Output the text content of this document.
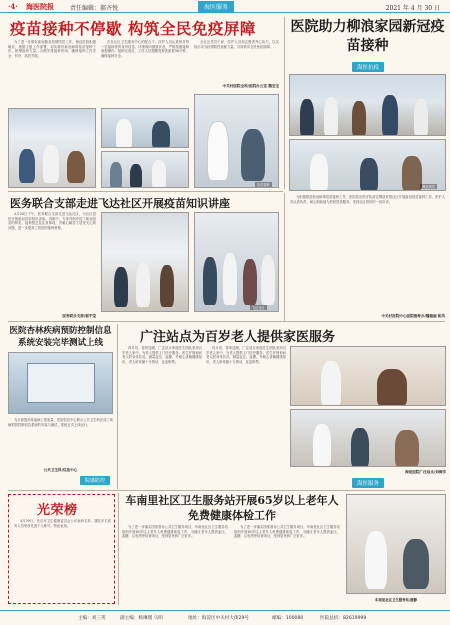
·4· 海医院报	责任编辑：郝齐悦	海医服务	2021 年 4 月 30 日
疫苗接种不停歇 构筑全民免疫屏障

为了进一步做好新冠肺炎疫情防控工作，海淀医院积极响应，根据上级工作部署，切实做好新冠病毒疫苗接种工作，统筹组织力量，合理安排接种时间，确保接种工作安全、有序、高效开展。

在各社区卫生服务中心的配合下，医护人员认真核对每一位接种者的身份信息，详细询问健康状况，严格按照接种流程操作。接种完成后，工作人员提醒受种者留观30分钟，确保接种安全。

全社区党员干部、医护人员和志愿者齐心协力，以实际行动为疫情防控贡献力量，共同筑牢全民免疫屏障。

中关村医院全科/医院办公室 魏宝宝
疫苗接种
医院助力柳浪家园新冠疫苗接种
海医抗疫
柳浪家园

为积极推进新冠病毒疫苗接种工作，医院派出医疗队前往柳浪家园社区开展新冠疫苗接种工作。医护人员认真负责，耐心细致地为居民提供服务，受到社区居民的一致好评。

中关村医院中心医院接种办/魏瑞丽 和风
医务联合支部走进飞达社区开展疫苗知识讲座

4月20日下午，医务联合支部走进飞达社区，为社区居民开展新冠疫苗知识讲座。讲座中，专家详细介绍了新冠疫苗的种类、接种禁忌及注意事项，并耐心解答了居民关心的问题，进一步提高了居民的接种意愿。

飞达社区
医务联合支部/郭宇莹
医院杏林疾病预防控制信息系统安装完毕测试上线

为全面提高传染病上报质量，医院信息中心联合公共卫生科完成了疾病预防控制信息系统的安装与测试，系统正式上线运行。

公共卫生科/信息中心
院感防控
广注站点为百岁老人提供家医服务

四月初，春风送暖，广注站点家庭医生团队来到百岁老人家中，为老人提供上门医疗服务。医生仔细询问老人的身体状况，测量血压、血糖，并耐心讲解健康知识，老人和家属十分感动，连连称赞。

四月初，春风送暖，广注站点家庭医生团队来到百岁老人家中，为老人提供上门医疗服务。医生仔细询问老人的身体状况，测量血压、血糖，并耐心讲解健康知识，老人和家属十分感动，连连称赞。

海淀医院广注站点/刘海学
海医服务
光荣榜

4月29日，北京市卫生健康委员会公布表彰名单，我院多名医务人员荣获先进个人称号，特此表扬。

车南里社区卫生服务站开展65岁以上老年人免费健康体检工作

为了进一步落实国家基本公共卫生服务项目，车南里社区卫生服务站组织开展65岁以上老年人免费健康体检工作，为辖区老年人提供血压、血糖、心电图等检查项目，受到居民的广泛好评。

为了进一步落实国家基本公共卫生服务项目，车南里社区卫生服务站组织开展65岁以上老年人免费健康体检工作，为辖区老年人提供血压、血糖、心电图等检查项目，受到居民的广泛好评。

车南里社区卫生服务站/谢静
主编：刘三英	副主编：杨琳瑾 马明	地址：海淀区中关村大街29号	邮编：100080	医院总机：82619999
